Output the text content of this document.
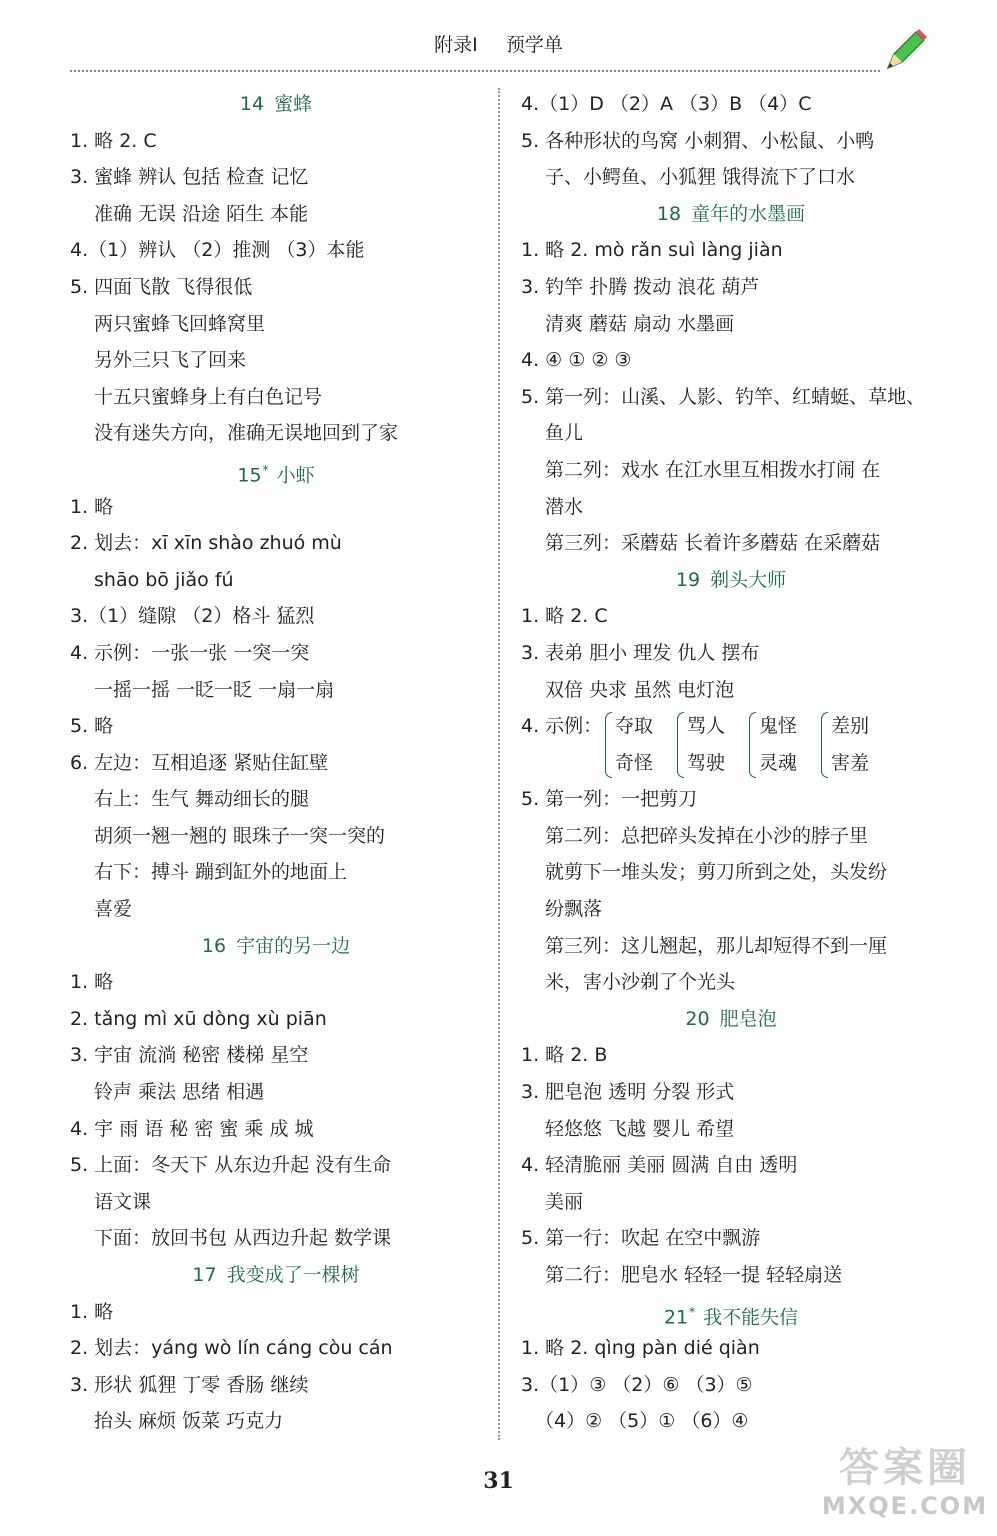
附录Ⅰ 预学单
14 蜜蜂
1. 略 2. C
3. 蜜蜂 辨认 包括 检查 记忆
准确 无误 沿途 陌生 本能
4.（1）辨认 （2）推测 （3）本能
5. 四面飞散 飞得很低
两只蜜蜂飞回蜂窝里
另外三只飞了回来
十五只蜜蜂身上有白色记号
没有迷失方向，准确无误地回到了家
15* 小虾
1. 略
2. 划去：xī xīn shào zhuó mù
shāo bō jiǎo fú
3.（1）缝隙 （2）格斗 猛烈
4. 示例：一张一张 一突一突
一摇一摇 一眨一眨 一扇一扇
5. 略
6. 左边：互相追逐 紧贴住缸壁
右上：生气 舞动细长的腿
胡须一翘一翘的 眼珠子一突一突的
右下：搏斗 蹦到缸外的地面上
喜爱
16 宇宙的另一边
1. 略
2. tǎng mì xū dòng xù piān
3. 宇宙 流淌 秘密 楼梯 星空
铃声 乘法 思绪 相遇
4. 宇 雨 语 秘 密 蜜 乘 成 城
5. 上面：冬天下 从东边升起 没有生命
语文课
下面：放回书包 从西边升起 数学课
17 我变成了一棵树
1. 略
2. 划去：yáng wò lín cáng còu cán
3. 形状 狐狸 丁零 香肠 继续
抬头 麻烦 饭菜 巧克力
4.（1）D （2）A （3）B （4）C
5. 各种形状的鸟窝 小刺猬、小松鼠、小鸭
子、小鳄鱼、小狐狸 饿得流下了口水
18 童年的水墨画
1. 略 2. mò rǎn suì làng jiàn
3. 钓竿 扑腾 拨动 浪花 葫芦
清爽 蘑菇 扇动 水墨画
4. ④ ① ② ③
5. 第一列：山溪、人影、钓竿、红蜻蜓、草地、
鱼儿
第二列：戏水 在江水里互相拨水打闹 在
潜水
第三列：采蘑菇 长着许多蘑菇 在采蘑菇
19 剃头大师
1. 略 2. C
3. 表弟 胆小 理发 仇人 摆布
双倍 央求 虽然 电灯泡
4. 示例： 夺取
奇怪
骂人
驾驶
鬼怪
灵魂
差别
害羞
5. 第一列：一把剪刀
第二列：总把碎头发掉在小沙的脖子里
就剪下一堆头发；剪刀所到之处，头发纷
纷飘落
第三列：这儿翘起，那儿却短得不到一厘
米，害小沙剃了个光头
20 肥皂泡
1. 略 2. B
3. 肥皂泡 透明 分裂 形式
轻悠悠 飞越 婴儿 希望
4. 轻清脆丽 美丽 圆满 自由 透明
美丽
5. 第一行：吹起 在空中飘游
第二行：肥皂水 轻轻一提 轻轻扇送
21* 我不能失信
1. 略 2. qìng pàn dié qiàn
3.（1）③ （2）⑥ （3）⑤
（4）② （5）① （6）④
31	答案圈
MXQE.COM
